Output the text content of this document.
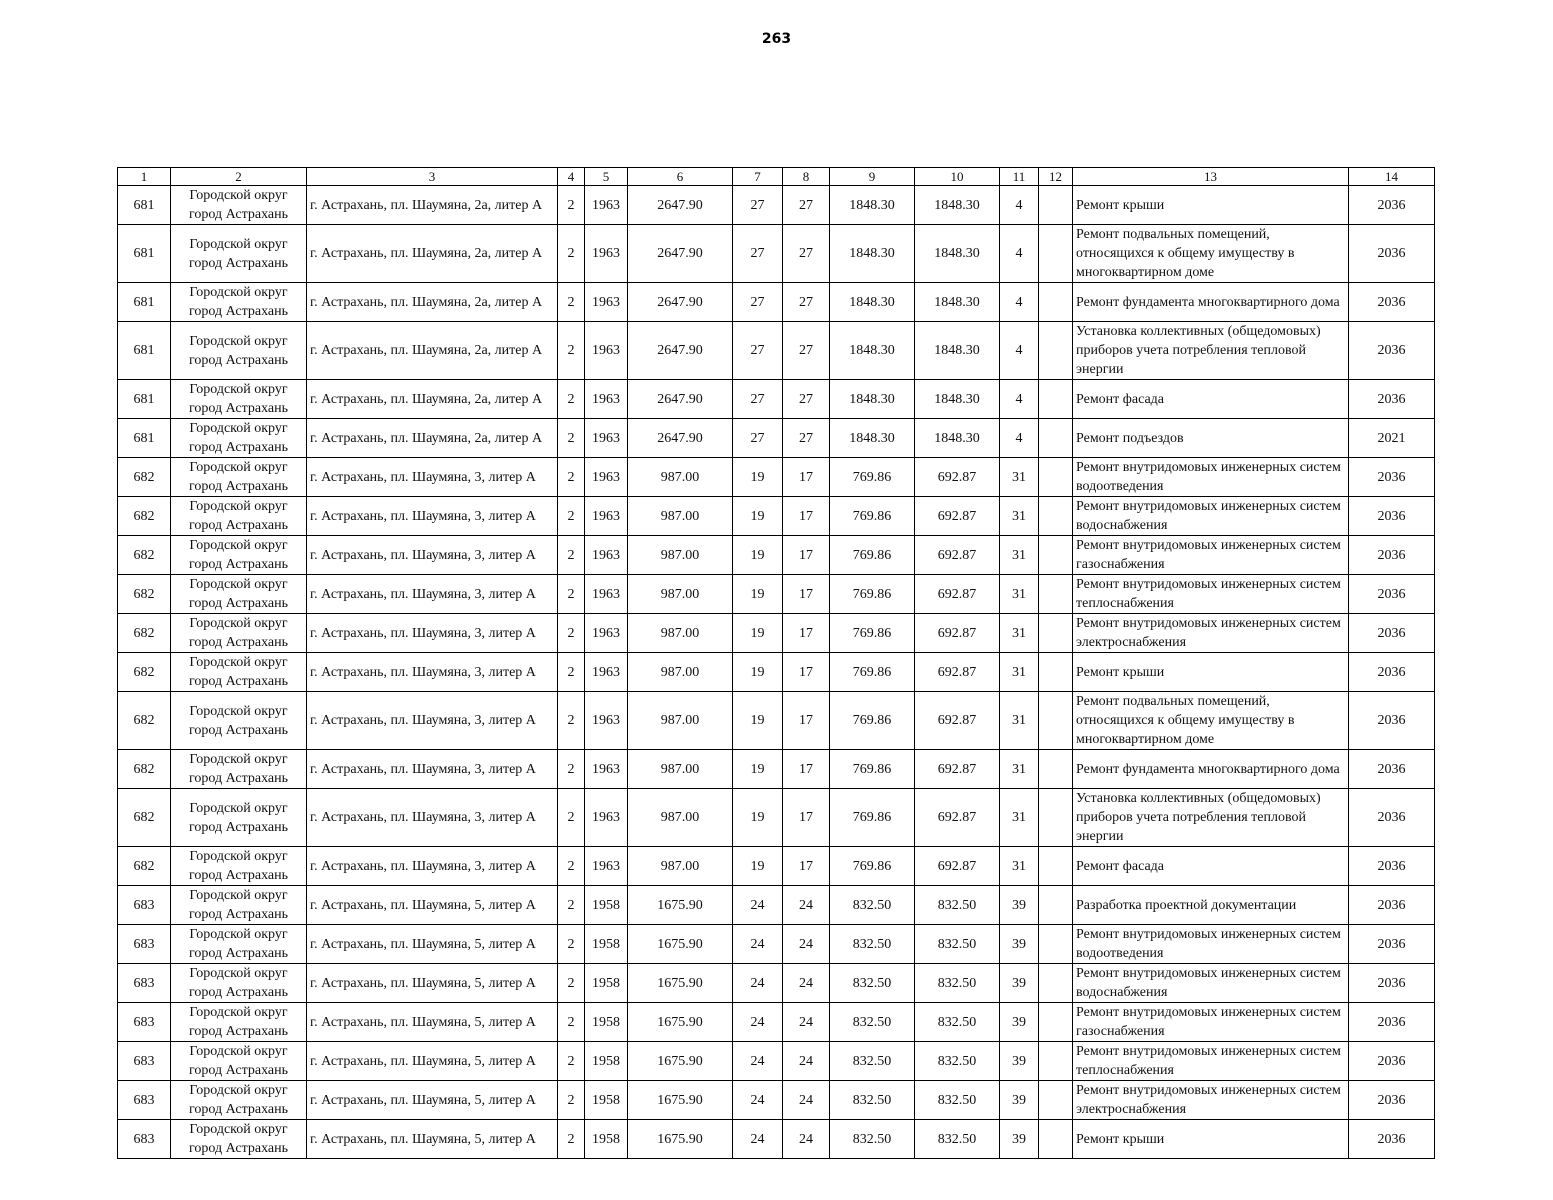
263
1	2	3	4	5	6	7	8	9	10	11	12	13	14
681	Городской округ город Астрахань	г. Астрахань, пл. Шаумяна, 2а, литер А	2	1963	2647.90	27	27	1848.30	1848.30	4		Ремонт крыши	2036
681	Городской округ город Астрахань	г. Астрахань, пл. Шаумяна, 2а, литер А	2	1963	2647.90	27	27	1848.30	1848.30	4		Ремонт подвальных помещений, относящихся к общему имуществу в многоквартирном доме	2036
681	Городской округ город Астрахань	г. Астрахань, пл. Шаумяна, 2а, литер А	2	1963	2647.90	27	27	1848.30	1848.30	4		Ремонт фундамента многоквартирного дома	2036
681	Городской округ город Астрахань	г. Астрахань, пл. Шаумяна, 2а, литер А	2	1963	2647.90	27	27	1848.30	1848.30	4		Установка коллективных (общедомовых) приборов учета потребления тепловой энергии	2036
681	Городской округ город Астрахань	г. Астрахань, пл. Шаумяна, 2а, литер А	2	1963	2647.90	27	27	1848.30	1848.30	4		Ремонт фасада	2036
681	Городской округ город Астрахань	г. Астрахань, пл. Шаумяна, 2а, литер А	2	1963	2647.90	27	27	1848.30	1848.30	4		Ремонт подъездов	2021
682	Городской округ город Астрахань	г. Астрахань, пл. Шаумяна, 3, литер А	2	1963	987.00	19	17	769.86	692.87	31		Ремонт внутридомовых инженерных систем водоотведения	2036
682	Городской округ город Астрахань	г. Астрахань, пл. Шаумяна, 3, литер А	2	1963	987.00	19	17	769.86	692.87	31		Ремонт внутридомовых инженерных систем водоснабжения	2036
682	Городской округ город Астрахань	г. Астрахань, пл. Шаумяна, 3, литер А	2	1963	987.00	19	17	769.86	692.87	31		Ремонт внутридомовых инженерных систем газоснабжения	2036
682	Городской округ город Астрахань	г. Астрахань, пл. Шаумяна, 3, литер А	2	1963	987.00	19	17	769.86	692.87	31		Ремонт внутридомовых инженерных систем теплоснабжения	2036
682	Городской округ город Астрахань	г. Астрахань, пл. Шаумяна, 3, литер А	2	1963	987.00	19	17	769.86	692.87	31		Ремонт внутридомовых инженерных систем электроснабжения	2036
682	Городской округ город Астрахань	г. Астрахань, пл. Шаумяна, 3, литер А	2	1963	987.00	19	17	769.86	692.87	31		Ремонт крыши	2036
682	Городской округ город Астрахань	г. Астрахань, пл. Шаумяна, 3, литер А	2	1963	987.00	19	17	769.86	692.87	31		Ремонт подвальных помещений, относящихся к общему имуществу в многоквартирном доме	2036
682	Городской округ город Астрахань	г. Астрахань, пл. Шаумяна, 3, литер А	2	1963	987.00	19	17	769.86	692.87	31		Ремонт фундамента многоквартирного дома	2036
682	Городской округ город Астрахань	г. Астрахань, пл. Шаумяна, 3, литер А	2	1963	987.00	19	17	769.86	692.87	31		Установка коллективных (общедомовых) приборов учета потребления тепловой энергии	2036
682	Городской округ город Астрахань	г. Астрахань, пл. Шаумяна, 3, литер А	2	1963	987.00	19	17	769.86	692.87	31		Ремонт фасада	2036
683	Городской округ город Астрахань	г. Астрахань, пл. Шаумяна, 5, литер А	2	1958	1675.90	24	24	832.50	832.50	39		Разработка проектной документации	2036
683	Городской округ город Астрахань	г. Астрахань, пл. Шаумяна, 5, литер А	2	1958	1675.90	24	24	832.50	832.50	39		Ремонт внутридомовых инженерных систем водоотведения	2036
683	Городской округ город Астрахань	г. Астрахань, пл. Шаумяна, 5, литер А	2	1958	1675.90	24	24	832.50	832.50	39		Ремонт внутридомовых инженерных систем водоснабжения	2036
683	Городской округ город Астрахань	г. Астрахань, пл. Шаумяна, 5, литер А	2	1958	1675.90	24	24	832.50	832.50	39		Ремонт внутридомовых инженерных систем газоснабжения	2036
683	Городской округ город Астрахань	г. Астрахань, пл. Шаумяна, 5, литер А	2	1958	1675.90	24	24	832.50	832.50	39		Ремонт внутридомовых инженерных систем теплоснабжения	2036
683	Городской округ город Астрахань	г. Астрахань, пл. Шаумяна, 5, литер А	2	1958	1675.90	24	24	832.50	832.50	39		Ремонт внутридомовых инженерных систем электроснабжения	2036
683	Городской округ город Астрахань	г. Астрахань, пл. Шаумяна, 5, литер А	2	1958	1675.90	24	24	832.50	832.50	39		Ремонт крыши	2036
